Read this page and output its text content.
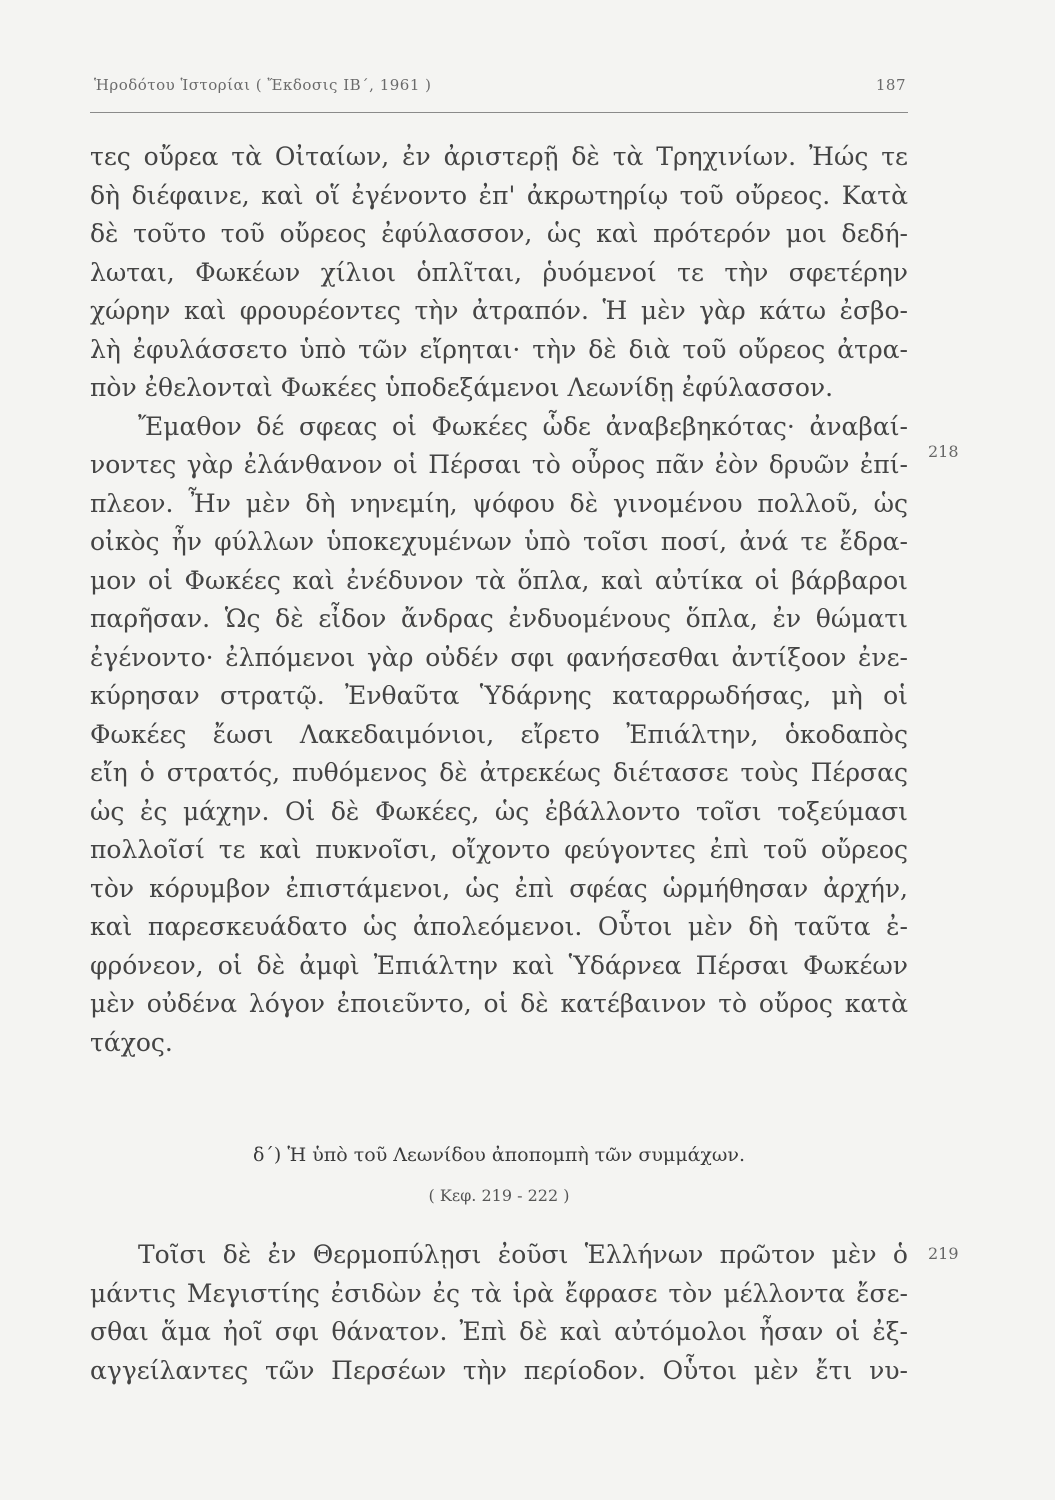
Ἡροδότου Ἱστορίαι ( Ἔκδοσις ΙΒ΄, 1961 )	187
τες οὔρεα τὰ Οἰταίων, ἐν ἀριστερῇ δὲ τὰ Τρηχινίων. Ἠώς τε
δὴ διέφαινε, καὶ οἵ ἐγένοντο ἐπ' ἀκρωτηρίῳ τοῦ οὔρεος. Κατὰ
δὲ τοῦτο τοῦ οὔρεος ἐφύλασσον, ὡς καὶ πρότερόν μοι δεδή-
λωται, Φωκέων χίλιοι ὁπλῖται, ῥυόμενοί τε τὴν σφετέρην
χώρην καὶ φρουρέοντες τὴν ἀτραπόν. Ἡ μὲν γὰρ κάτω ἐσβο-
λὴ ἐφυλάσσετο ὑπὸ τῶν εἴρηται· τὴν δὲ διὰ τοῦ οὔρεος ἀτρα-
πὸν ἐθελονταὶ Φωκέες ὑποδεξάμενοι Λεωνίδῃ ἐφύλασσον.
Ἔμαθον δέ σφεας οἱ Φωκέες ὧδε ἀναβεβηκότας· ἀναβαί-
νοντες γὰρ ἐλάνθανον οἱ Πέρσαι τὸ οὖρος πᾶν ἐὸν δρυῶν ἐπί-
πλεον. Ἦν μὲν δὴ νηνεμίη, ψόφου δὲ γινομένου πολλοῦ, ὡς
οἰκὸς ἦν φύλλων ὑποκεχυμένων ὑπὸ τοῖσι ποσί, ἀνά τε ἔδρα-
μον οἱ Φωκέες καὶ ἐνέδυνον τὰ ὅπλα, καὶ αὐτίκα οἱ βάρβαροι
παρῆσαν. Ὡς δὲ εἶδον ἄνδρας ἐνδυομένους ὅπλα, ἐν θώματι
ἐγένοντο· ἐλπόμενοι γὰρ οὐδέν σφι φανήσεσθαι ἀντίξοον ἐνε-
κύρησαν στρατῷ. Ἐνθαῦτα Ὑδάρνης καταρρωδήσας, μὴ οἱ
Φωκέες ἔωσι Λακεδαιμόνιοι, εἴρετο Ἐπιάλτην, ὁκοδαπὸς
εἴη ὁ στρατός, πυθόμενος δὲ ἀτρεκέως διέτασσε τοὺς Πέρσας
ὡς ἐς μάχην. Οἱ δὲ Φωκέες, ὡς ἐβάλλοντο τοῖσι τοξεύμασι
πολλοῖσί τε καὶ πυκνοῖσι, οἴχοντο φεύγοντες ἐπὶ τοῦ οὔρεος
τὸν κόρυμβον ἐπιστάμενοι, ὡς ἐπὶ σφέας ὡρμήθησαν ἀρχήν,
καὶ παρεσκευάδατο ὡς ἀπολεόμενοι. Οὗτοι μὲν δὴ ταῦτα ἐ-
φρόνεον, οἱ δὲ ἀμφὶ Ἐπιάλτην καὶ Ὑδάρνεα Πέρσαι Φωκέων
μὲν οὐδένα λόγον ἐποιεῦντο, οἱ δὲ κατέβαινον τὸ οὔρος κατὰ
τάχος.
218
δ΄) Ἡ ὑπὸ τοῦ Λεωνίδου ἀποπομπὴ τῶν συμμάχων.
( Κεφ. 219 - 222 )
Τοῖσι δὲ ἐν Θερμοπύλῃσι ἐοῦσι Ἑλλήνων πρῶτον μὲν ὁ
μάντις Μεγιστίης ἐσιδὼν ἐς τὰ ἱρὰ ἔφρασε τὸν μέλλοντα ἔσε-
σθαι ἅμα ἠοῖ σφι θάνατον. Ἐπὶ δὲ καὶ αὐτόμολοι ἦσαν οἱ ἐξ-
αγγείλαντες τῶν Περσέων τὴν περίοδον. Οὗτοι μὲν ἔτι νυ-
219
